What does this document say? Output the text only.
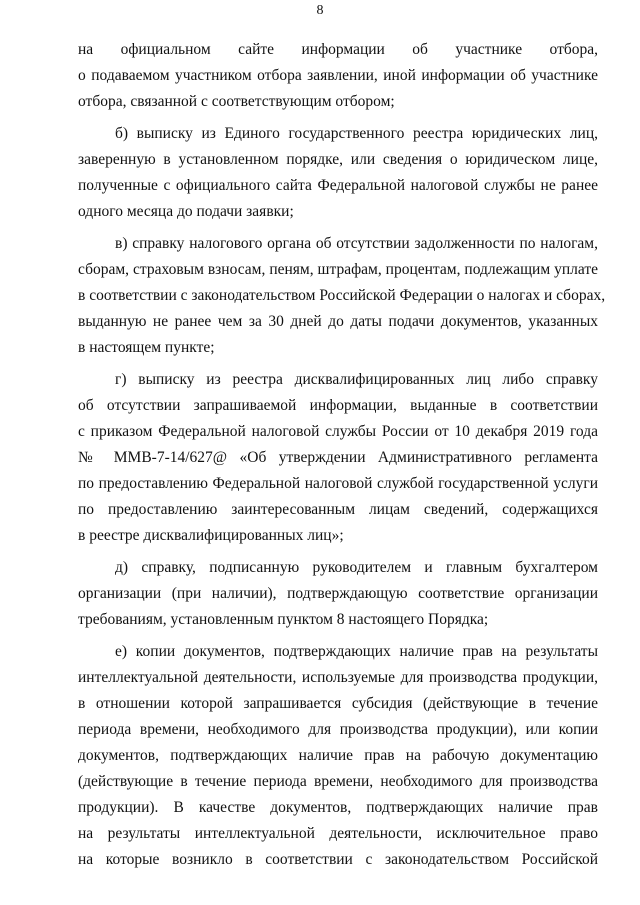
8
на официальном сайте информации об участнике отбора,
о подаваемом участником отбора заявлении, иной информации об участнике
отбора, связанной с соответствующим отбором;
б) выписку из Единого государственного реестра юридических лиц,
заверенную в установленном порядке, или сведения о юридическом лице,
полученные с официального сайта Федеральной налоговой службы не ранее
одного месяца до подачи заявки;
в) справку налогового органа об отсутствии задолженности по налогам,
сборам, страховым взносам, пеням, штрафам, процентам, подлежащим уплате
в соответствии с законодательством Российской Федерации о налогах и сборах,
выданную не ранее чем за 30 дней до даты подачи документов, указанных
в настоящем пункте;
г) выписку из реестра дисквалифицированных лиц либо справку
об отсутствии запрашиваемой информации, выданные в соответствии
с приказом Федеральной налоговой службы России от 10 декабря 2019 года
№ ММВ-7-14/627@ «Об утверждении Административного регламента
по предоставлению Федеральной налоговой службой государственной услуги
по предоставлению заинтересованным лицам сведений, содержащихся
в реестре дисквалифицированных лиц»;
д) справку, подписанную руководителем и главным бухгалтером
организации (при наличии), подтверждающую соответствие организации
требованиям, установленным пунктом 8 настоящего Порядка;
е) копии документов, подтверждающих наличие прав на результаты
интеллектуальной деятельности, используемые для производства продукции,
в отношении которой запрашивается субсидия (действующие в течение
периода времени, необходимого для производства продукции), или копии
документов, подтверждающих наличие прав на рабочую документацию
(действующие в течение периода времени, необходимого для производства
продукции). В качестве документов, подтверждающих наличие прав
на результаты интеллектуальной деятельности, исключительное право
на которые возникло в соответствии с законодательством Российской
